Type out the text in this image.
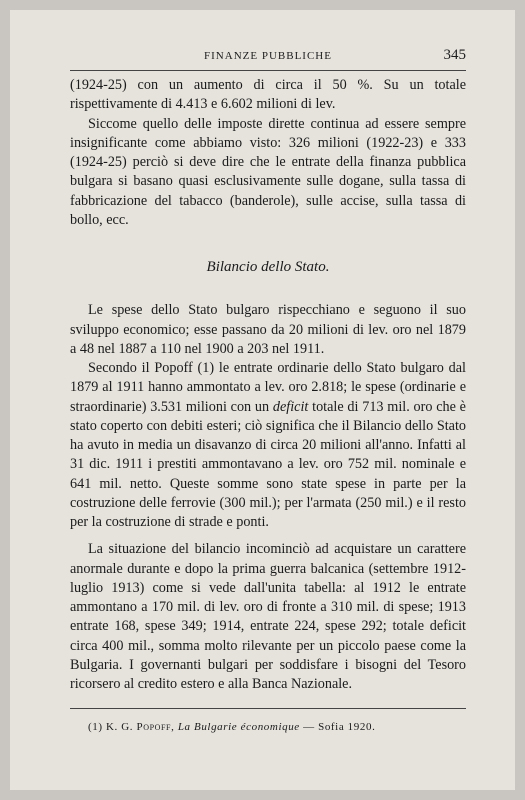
FINANZE PUBBLICHE	345

(1924-25) con un aumento di circa il 50 %. Su un totale rispettivamente di 4.413 e 6.602 milioni di lev.

Siccome quello delle imposte dirette continua ad essere sempre insignificante come abbiamo visto: 326 milioni (1922-23) e 333 (1924-25) perciò si deve dire che le entrate della finanza pubblica bulgara si basano quasi esclusivamente sulle dogane, sulla tassa di fabbricazione del tabacco (banderole), sulle accise, sulla tassa di bollo, ecc.

Bilancio dello Stato.

Le spese dello Stato bulgaro rispecchiano e seguono il suo sviluppo economico; esse passano da 20 milioni di lev. oro nel 1879 a 48 nel 1887 a 110 nel 1900 a 203 nel 1911.

Secondo il Popoff (1) le entrate ordinarie dello Stato bulgaro dal 1879 al 1911 hanno ammontato a lev. oro 2.818; le spese (ordinarie e straordinarie) 3.531 milioni con un deficit totale di 713 mil. oro che è stato coperto con debiti esteri; ciò significa che il Bilancio dello Stato ha avuto in media un disavanzo di circa 20 milioni all'anno. Infatti al 31 dic. 1911 i prestiti ammontavano a lev. oro 752 mil. nominale e 641 mil. netto. Queste somme sono state spese in parte per la costruzione delle ferrovie (300 mil.); per l'armata (250 mil.) e il resto per la costruzione di strade e ponti.

La situazione del bilancio incominciò ad acquistare un carattere anormale durante e dopo la prima guerra balcanica (settembre 1912-luglio 1913) come si vede dall'unita tabella: al 1912 le entrate ammontano a 170 mil. di lev. oro di fronte a 310 mil. di spese; 1913 entrate 168, spese 349; 1914, entrate 224, spese 292; totale deficit circa 400 mil., somma molto rilevante per un piccolo paese come la Bulgaria. I governanti bulgari per soddisfare i bisogni del Tesoro ricorsero al credito estero e alla Banca Nazionale.

(1) K. G. Popoff, La Bulgarie économique — Sofia 1920.
